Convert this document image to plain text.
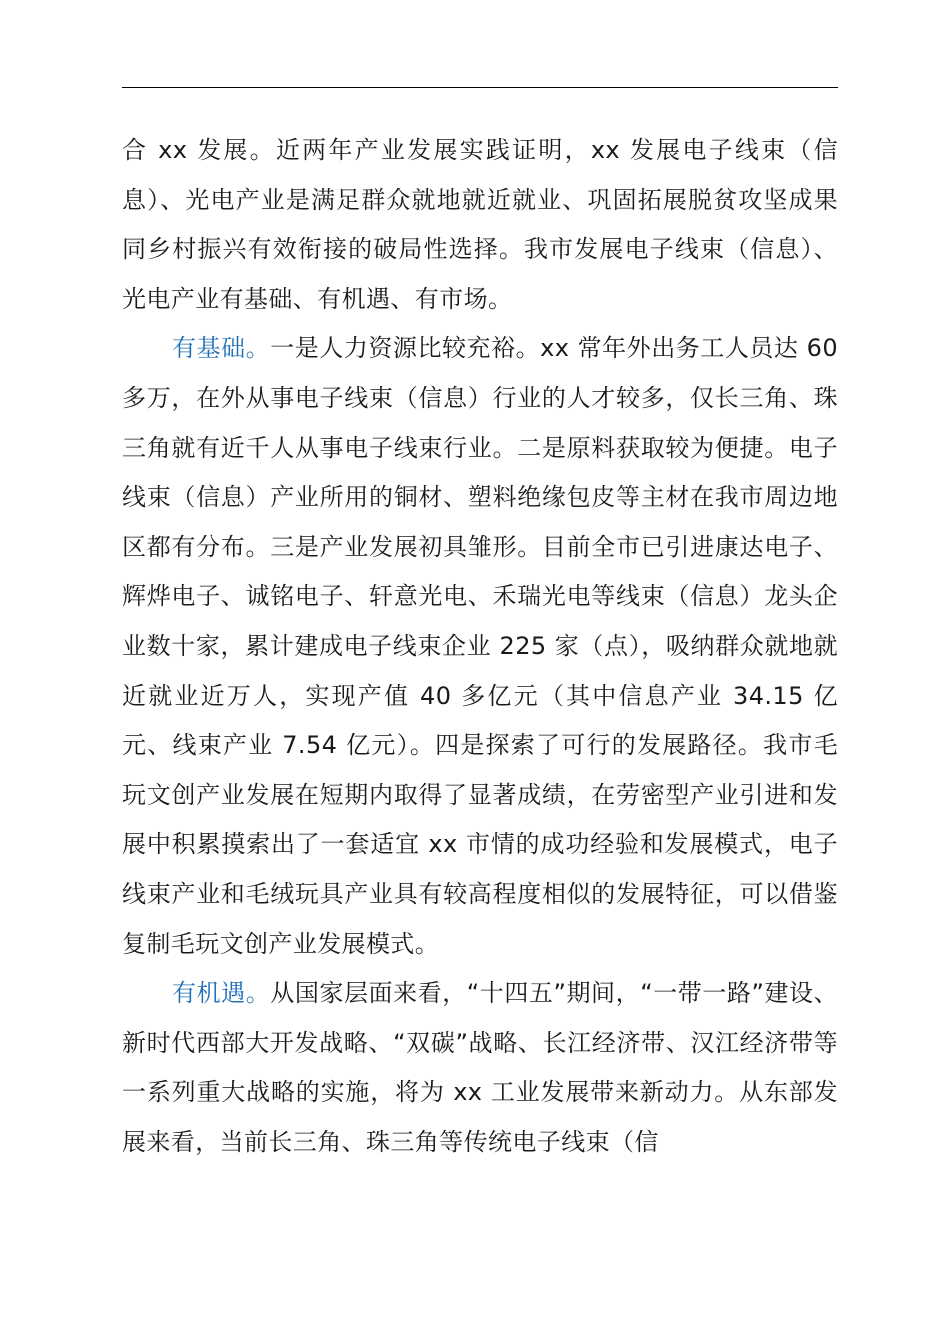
合 xx 发展。近两年产业发展实践证明，xx 发展电子线束（信息）、光电产业是满足群众就地就近就业、巩固拓展脱贫攻坚成果同乡村振兴有效衔接的破局性选择。我市发展电子线束（信息）、光电产业有基础、有机遇、有市场。

有基础。一是人力资源比较充裕。xx 常年外出务工人员达 60 多万，在外从事电子线束（信息）行业的人才较多，仅长三角、珠三角就有近千人从事电子线束行业。二是原料获取较为便捷。电子线束（信息）产业所用的铜材、塑料绝缘包皮等主材在我市周边地区都有分布。三是产业发展初具雏形。目前全市已引进康达电子、辉烨电子、诚铭电子、轩意光电、禾瑞光电等线束（信息）龙头企业数十家，累计建成电子线束企业 225 家（点），吸纳群众就地就近就业近万人，实现产值 40 多亿元（其中信息产业 34.15 亿元、线束产业 7.54 亿元）。四是探索了可行的发展路径。我市毛玩文创产业发展在短期内取得了显著成绩，在劳密型产业引进和发展中积累摸索出了一套适宜 xx 市情的成功经验和发展模式，电子线束产业和毛绒玩具产业具有较高程度相似的发展特征，可以借鉴复制毛玩文创产业发展模式。

有机遇。从国家层面来看，“十四五”期间，“一带一路”建设、新时代西部大开发战略、“双碳”战略、长江经济带、汉江经济带等一系列重大战略的实施，将为 xx 工业发展带来新动力。从东部发展来看，当前长三角、珠三角等传统电子线束（信
